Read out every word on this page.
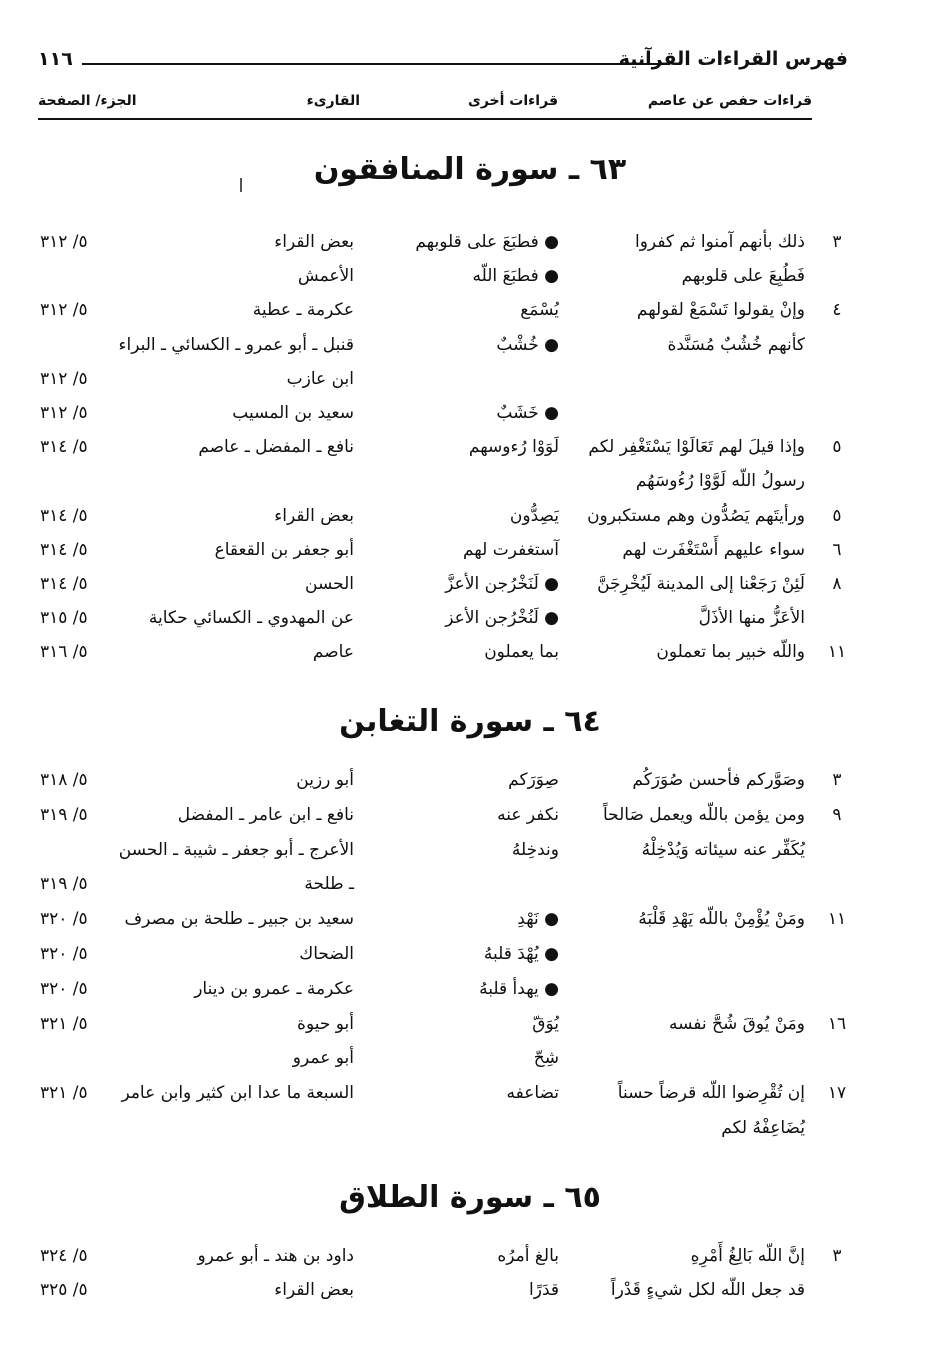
فهرس القراءات القرآنية
١١٦
قراءات حفص عن عاصم
قراءات أخرى
القارىء
الجزء/ الصفحة
٦٣ ـ سورة المنافقون
٣
ذلك بأنهم آمنوا ثم كفروا
● فطبَعَ على قلوبهم
بعض القراء
٥/ ٣١٢
فَطُبِعَ على قلوبهم
● فطبَعَ اللّه
الأعمش
٤
وإنْ يقولوا تَسْمَعْ لقولهم
يُسْمَع
عكرمة ـ عطية
٥/ ٣١٢
كأنهم خُشُبٌ مُسَنَّدة
● خُشْبٌ
قنبل ـ أبو عمرو ـ الكسائي ـ البراء
ابن عازب
٥/ ٣١٢
● خَشَبٌ
سعيد بن المسيب
٥/ ٣١٢
٥
وإذا قيلَ لهم تَعَالَوْا يَسْتَغْفِر لكم
لَوَوْا رُءوسهم
نافع ـ المفضل ـ عاصم
٥/ ٣١٤
رسولُ اللّه لَوَّوْا رُءُوسَهُم
٥
ورأيتَهم يَصُدُّون وهم مستكبرون
يَصِدُّون
بعض القراء
٥/ ٣١٤
٦
سواء عليهم أَسْتَغْفَرت لهم
آستغفرت لهم
أبو جعفر بن القعقاع
٥/ ٣١٤
٨
لَئِنْ رَجَعْنا إلى المدينة لَيُخْرِجَنَّ
● لَنَخْرُجن الأعزَّ
الحسن
٥/ ٣١٤
الأعَزُّ منها الأذَلَّ
● لَنُخْرُجن الأعز
عن المهدوي ـ الكسائي حكاية
٥/ ٣١٥
١١
واللّه خبير بما تعملون
بما يعملون
عاصم
٥/ ٣١٦
٦٤ ـ سورة التغابن
٣
وصَوَّركم فأحسن صُوَرَكُم
صِوَرَكم
أبو رزين
٥/ ٣١٨
٩
ومن يؤمن باللّه ويعمل صَالحاً
نكفر عنه
نافع ـ ابن عامر ـ المفضل
٥/ ٣١٩
يُكَفِّر عنه سيئاته وَيُدْخِلْهُ
وندخِلهُ
الأعرج ـ أبو جعفر ـ شيبة ـ الحسن
ـ طلحة
٥/ ٣١٩
١١
ومَنْ يُؤْمِنْ باللّه يَهْدِ قَلْبَهُ
● نَهْدِ
سعيد بن جبير ـ طلحة بن مصرف
٥/ ٣٢٠
● يُهْدَ قلبهُ
الضحاك
٥/ ٣٢٠
● يهدأ قلبهُ
عكرمة ـ عمرو بن دينار
٥/ ٣٢٠
١٦
ومَنْ يُوقَ شُحَّ نفسه
يُوَقّ
أبو حيوة
٥/ ٣٢١
شِحّ
أبو عمرو
١٧
إن تُقْرِضوا اللّه قرضاً حسناً
تضاعفه
السبعة ما عدا ابن كثير وابن عامر
٥/ ٣٢١
يُضَاعِفْهُ لكم
٦٥ ـ سورة الطلاق
٣
إنَّ اللّه بَالِغُ أَمْرِهِ
بالغ أمرُه
داود بن هند ـ أبو عمرو
٥/ ٣٢٤
قد جعل اللّه لكل شيءٍ قَدْراً
قدَرًا
بعض القراء
٥/ ٣٢٥
